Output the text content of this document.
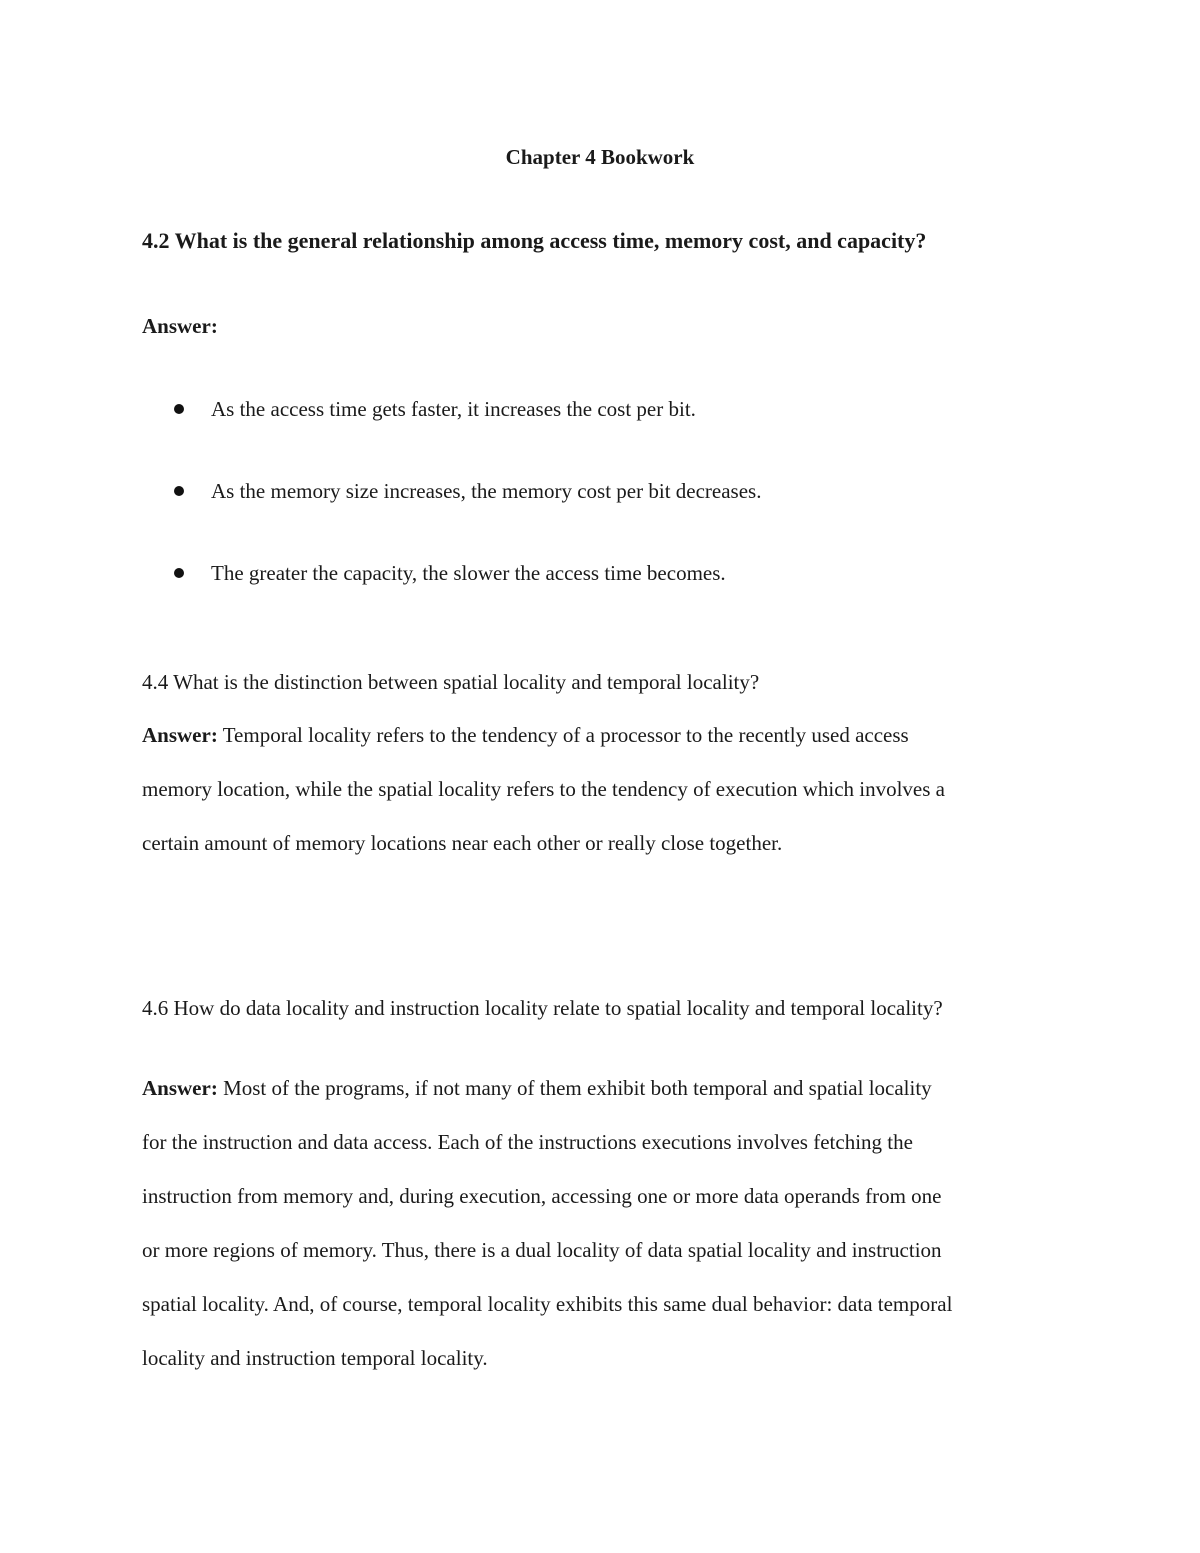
Chapter 4 Bookwork

4.2 What is the general relationship among access time, memory cost, and capacity?

Answer:

As the access time gets faster, it increases the cost per bit.
As the memory size increases, the memory cost per bit decreases.
The greater the capacity, the slower the access time becomes.

4.4 What is the distinction between spatial locality and temporal locality?

Answer: Temporal locality refers to the tendency of a processor to the recently used access
memory location, while the spatial locality refers to the tendency of execution which involves a
certain amount of memory locations near each other or really close together.

4.6 How do data locality and instruction locality relate to spatial locality and temporal locality?

Answer: Most of the programs, if not many of them exhibit both temporal and spatial locality
for the instruction and data access. Each of the instructions executions involves fetching the
instruction from memory and, during execution, accessing one or more data operands from one
or more regions of memory. Thus, there is a dual locality of data spatial locality and instruction
spatial locality. And, of course, temporal locality exhibits this same dual behavior: data temporal
locality and instruction temporal locality.
